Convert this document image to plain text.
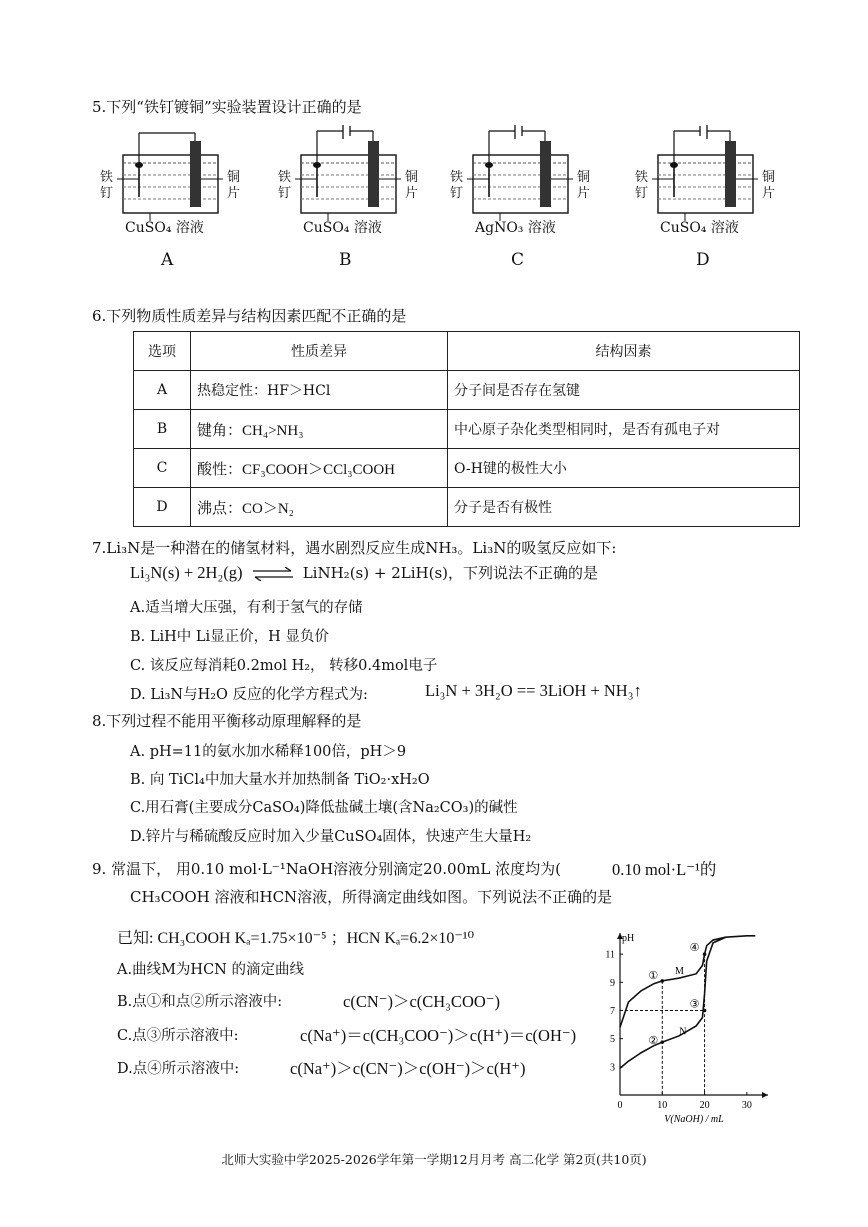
5.下列“铁钉镀铜”实验装置设计正确的是
铁
钉
铜
片
CuSO₄ 溶液
A
铁
钉
铜
片
CuSO₄ 溶液
B
铁
钉
铜
片
AgNO₃ 溶液
C
铁
钉
铜
片
CuSO₄ 溶液
D
6.下列物质性质差异与结构因素匹配不正确的是
选项	性质差异	结构因素
A	热稳定性：HF＞HCl	分子间是否存在氢键
B	键角：CH₄>NH₃	中心原子杂化类型相同时，是否有孤电子对
C	酸性：CF₃COOH＞CCl₃COOH	O-H键的极性大小
D	沸点：CO＞N₂	分子是否有极性
7.Li₃N是一种潜在的储氢材料，遇水剧烈反应生成NH₃。Li₃N的吸氢反应如下:
Li₃N(s) + 2H₂(g) ⇌ LiNH₂(s) + 2LiH(s)，下列说法不正确的是
A.适当增大压强，有利于氢气的存储
B. LiH中 Li显正价，H 显负价
C. 该反应每消耗0.2mol H₂， 转移0.4mol电子
D. Li₃N与H₂O 反应的化学方程式为:	Li₃N + 3H₂O == 3LiOH + NH₃↑
8.下列过程不能用平衡移动原理解释的是
A. pH=11的氨水加水稀释100倍，pH＞9
B. 向 TiCl₄中加大量水并加热制备 TiO₂·xH₂O
C.用石膏(主要成分CaSO₄)降低盐碱土壤(含Na₂CO₃)的碱性
D.锌片与稀硫酸反应时加入少量CuSO₄固体，快速产生大量H₂
9. 常温下， 用0.10 mol·L⁻¹NaOH溶液分别滴定20.00mL 浓度均为(	0.10 mol·L⁻¹的
CH₃COOH 溶液和HCN溶液，所得滴定曲线如图。下列说法不正确的是
已知: CH₃COOH Kₐ=1.75×10⁻⁵ ；HCN Kₐ=6.2×10⁻¹⁰
A.曲线M为HCN 的滴定曲线
B.点①和点②所示溶液中:	c(CN⁻)＞c(CH₃COO⁻)
C.点③所示溶液中:	c(Na⁺)＝c(CH₃COO⁻)＞c(H⁺)＝c(OH⁻)
D.点④所示溶液中:	c(Na⁺)＞c(CN⁻)＞c(OH⁻)＞c(H⁺)
0	10	20	30
3
5
7
9
11
pH
V(NaOH) / mL
M
N
①
②
③
④
北师大实验中学2025-2026学年第一学期12月月考 高二化学 第2页(共10页)
